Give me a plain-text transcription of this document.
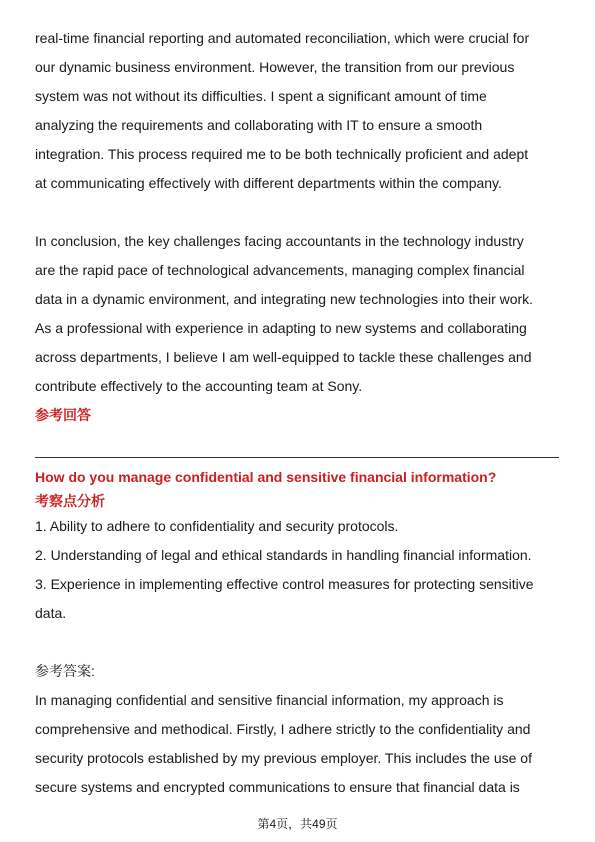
real-time financial reporting and automated reconciliation, which were crucial for
our dynamic business environment. However, the transition from our previous
system was not without its difficulties. I spent a significant amount of time
analyzing the requirements and collaborating with IT to ensure a smooth
integration. This process required me to be both technically proficient and adept
at communicating effectively with different departments within the company.

In conclusion, the key challenges facing accountants in the technology industry
are the rapid pace of technological advancements, managing complex financial
data in a dynamic environment, and integrating new technologies into their work.
As a professional with experience in adapting to new systems and collaborating
across departments, I believe I am well-equipped to tackle these challenges and
contribute effectively to the accounting team at Sony.

参考回答

How do you manage confidential and sensitive financial information?

考察点分析

1. Ability to adhere to confidentiality and security protocols.
2. Understanding of legal and ethical standards in handling financial information.
3. Experience in implementing effective control measures for protecting sensitive
data.

参考答案:

In managing confidential and sensitive financial information, my approach is
comprehensive and methodical. Firstly, I adhere strictly to the confidentiality and
security protocols established by my previous employer. This includes the use of
secure systems and encrypted communications to ensure that financial data is

第4页，共49页
